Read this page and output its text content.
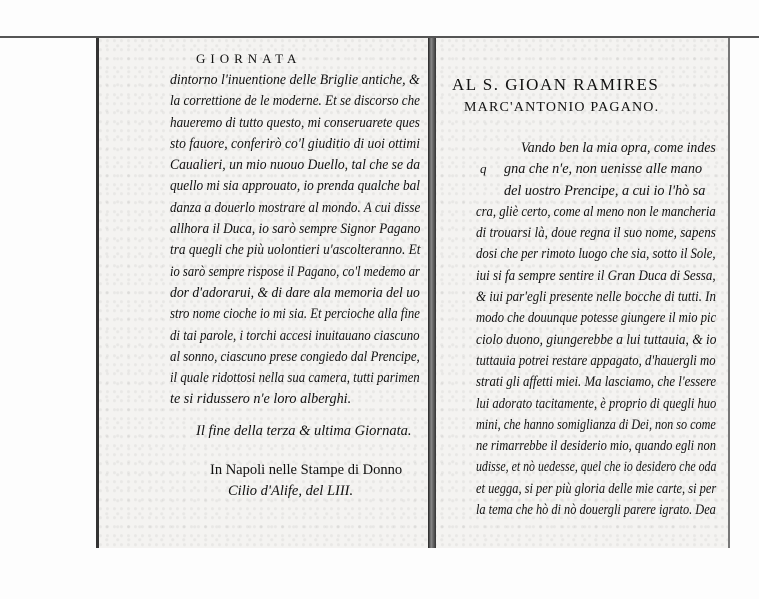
GIORNATA
dintorno l'inuentione delle Briglie antiche, &
la correttione de le moderne. Et se discorso che
haueremo di tutto questo, mi conseruarete ques
sto fauore, conferirò co'l giuditio di uoi ottimi
Caualieri, un mio nuouo Duello, tal che se da
quello mi sia approuato, io prenda qualche bal
danza a douerlo mostrare al mondo. A cui disse
allhora il Duca, io sarò sempre Signor Pagano
tra quegli che più uolontieri u'ascolteranno. Et
io sarò sempre rispose il Pagano, co'l medemo ar
dor d'adorarui, & di dare ala memoria del uo
stro nome cioche io mi sia. Et percioche alla fine
di tai parole, i torchi accesi inuitauano ciascuno
al sonno, ciascuno prese congiedo dal Prencipe,
il quale ridottosi nella sua camera, tutti parimen
te si ridussero n'e loro alberghi.
Il fine della terza & ultima Giornata.
In Napoli nelle Stampe di Donno
Cilio d'Alife, del LIII.
AL S. GIOAN RAMIRES
MARC'ANTONIO PAGANO.
q
Vando ben la mia opra, come indes
gna che n'e, non uenisse alle mano
del uostro Prencipe, a cui io l'hò sa
cra, gliè certo, come al meno non le mancheria
di trouarsi là, doue regna il suo nome, sapens
dosi che per rimoto luogo che sia, sotto il Sole,
iui si fa sempre sentire il Gran Duca di Sessa,
& iui par'egli presente nelle bocche di tutti. In
modo che douunque potesse giungere il mio pic
ciolo duono, giungerebbe a lui tuttauia, & io
tuttauia potrei restare appagato, d'hauergli mo
strati gli affetti miei. Ma lasciamo, che l'essere
lui adorato tacitamente, è proprio di quegli huo
mini, che hanno somiglianza di Dei, non so come
ne rimarrebbe il desiderio mio, quando egli non
udisse, et nò uedesse, quel che io desidero che oda
et uegga, si per più gloria delle mie carte, si per
la tema che hò di nò douergli parere igrato. Dea
